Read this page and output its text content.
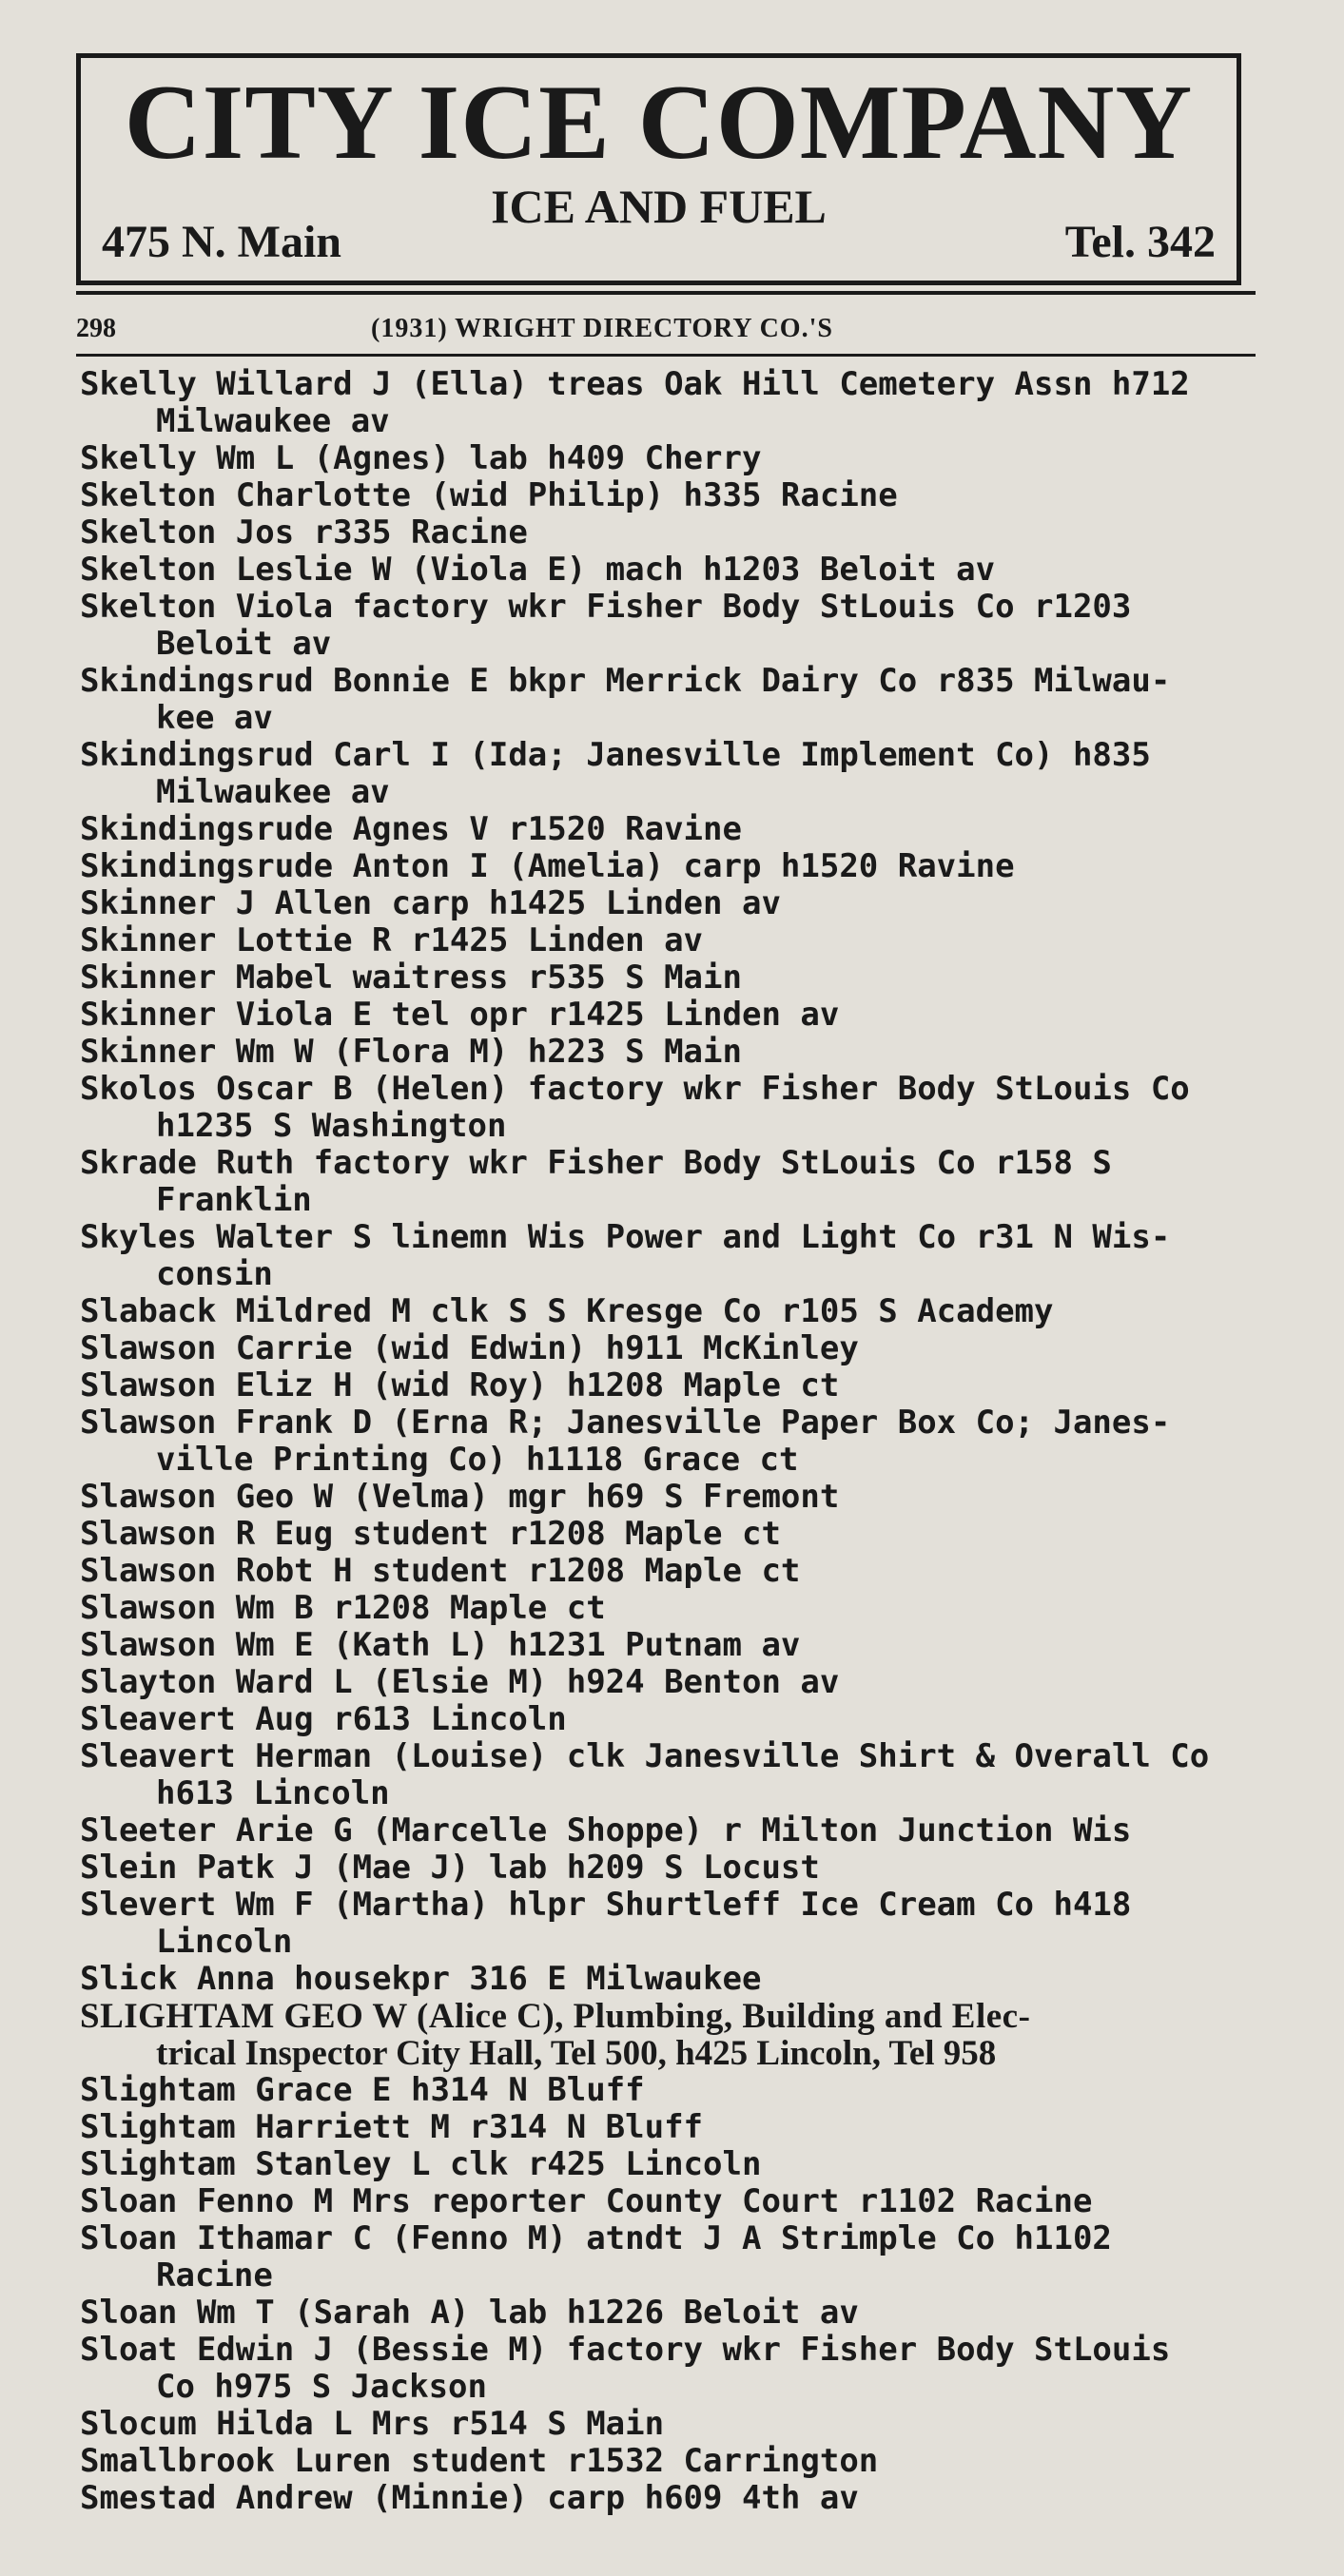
CITY ICE COMPANY
ICE AND FUEL
475 N. Main	Tel. 342
298	(1931) WRIGHT DIRECTORY CO.'S
Skelly Willard J (Ella) treas Oak Hill Cemetery Assn h712
Milwaukee av
Skelly Wm L (Agnes) lab h409 Cherry
Skelton Charlotte (wid Philip) h335 Racine
Skelton Jos r335 Racine
Skelton Leslie W (Viola E) mach h1203 Beloit av
Skelton Viola factory wkr Fisher Body StLouis Co r1203
Beloit av
Skindingsrud Bonnie E bkpr Merrick Dairy Co r835 Milwau-
kee av
Skindingsrud Carl I (Ida; Janesville Implement Co) h835
Milwaukee av
Skindingsrude Agnes V r1520 Ravine
Skindingsrude Anton I (Amelia) carp h1520 Ravine
Skinner J Allen carp h1425 Linden av
Skinner Lottie R r1425 Linden av
Skinner Mabel waitress r535 S Main
Skinner Viola E tel opr r1425 Linden av
Skinner Wm W (Flora M) h223 S Main
Skolos Oscar B (Helen) factory wkr Fisher Body StLouis Co
h1235 S Washington
Skrade Ruth factory wkr Fisher Body StLouis Co r158 S
Franklin
Skyles Walter S linemn Wis Power and Light Co r31 N Wis-
consin
Slaback Mildred M clk S S Kresge Co r105 S Academy
Slawson Carrie (wid Edwin) h911 McKinley
Slawson Eliz H (wid Roy) h1208 Maple ct
Slawson Frank D (Erna R; Janesville Paper Box Co; Janes-
ville Printing Co) h1118 Grace ct
Slawson Geo W (Velma) mgr h69 S Fremont
Slawson R Eug student r1208 Maple ct
Slawson Robt H student r1208 Maple ct
Slawson Wm B r1208 Maple ct
Slawson Wm E (Kath L) h1231 Putnam av
Slayton Ward L (Elsie M) h924 Benton av
Sleavert Aug r613 Lincoln
Sleavert Herman (Louise) clk Janesville Shirt & Overall Co
h613 Lincoln
Sleeter Arie G (Marcelle Shoppe) r Milton Junction Wis
Slein Patk J (Mae J) lab h209 S Locust
Slevert Wm F (Martha) hlpr Shurtleff Ice Cream Co h418
Lincoln
Slick Anna housekpr 316 E Milwaukee
SLIGHTAM GEO W (Alice C), Plumbing, Building and Elec-
trical Inspector City Hall, Tel 500, h425 Lincoln, Tel 958
Slightam Grace E h314 N Bluff
Slightam Harriett M r314 N Bluff
Slightam Stanley L clk r425 Lincoln
Sloan Fenno M Mrs reporter County Court r1102 Racine
Sloan Ithamar C (Fenno M) atndt J A Strimple Co h1102
Racine
Sloan Wm T (Sarah A) lab h1226 Beloit av
Sloat Edwin J (Bessie M) factory wkr Fisher Body StLouis
Co h975 S Jackson
Slocum Hilda L Mrs r514 S Main
Smallbrook Luren student r1532 Carrington
Smestad Andrew (Minnie) carp h609 4th av
